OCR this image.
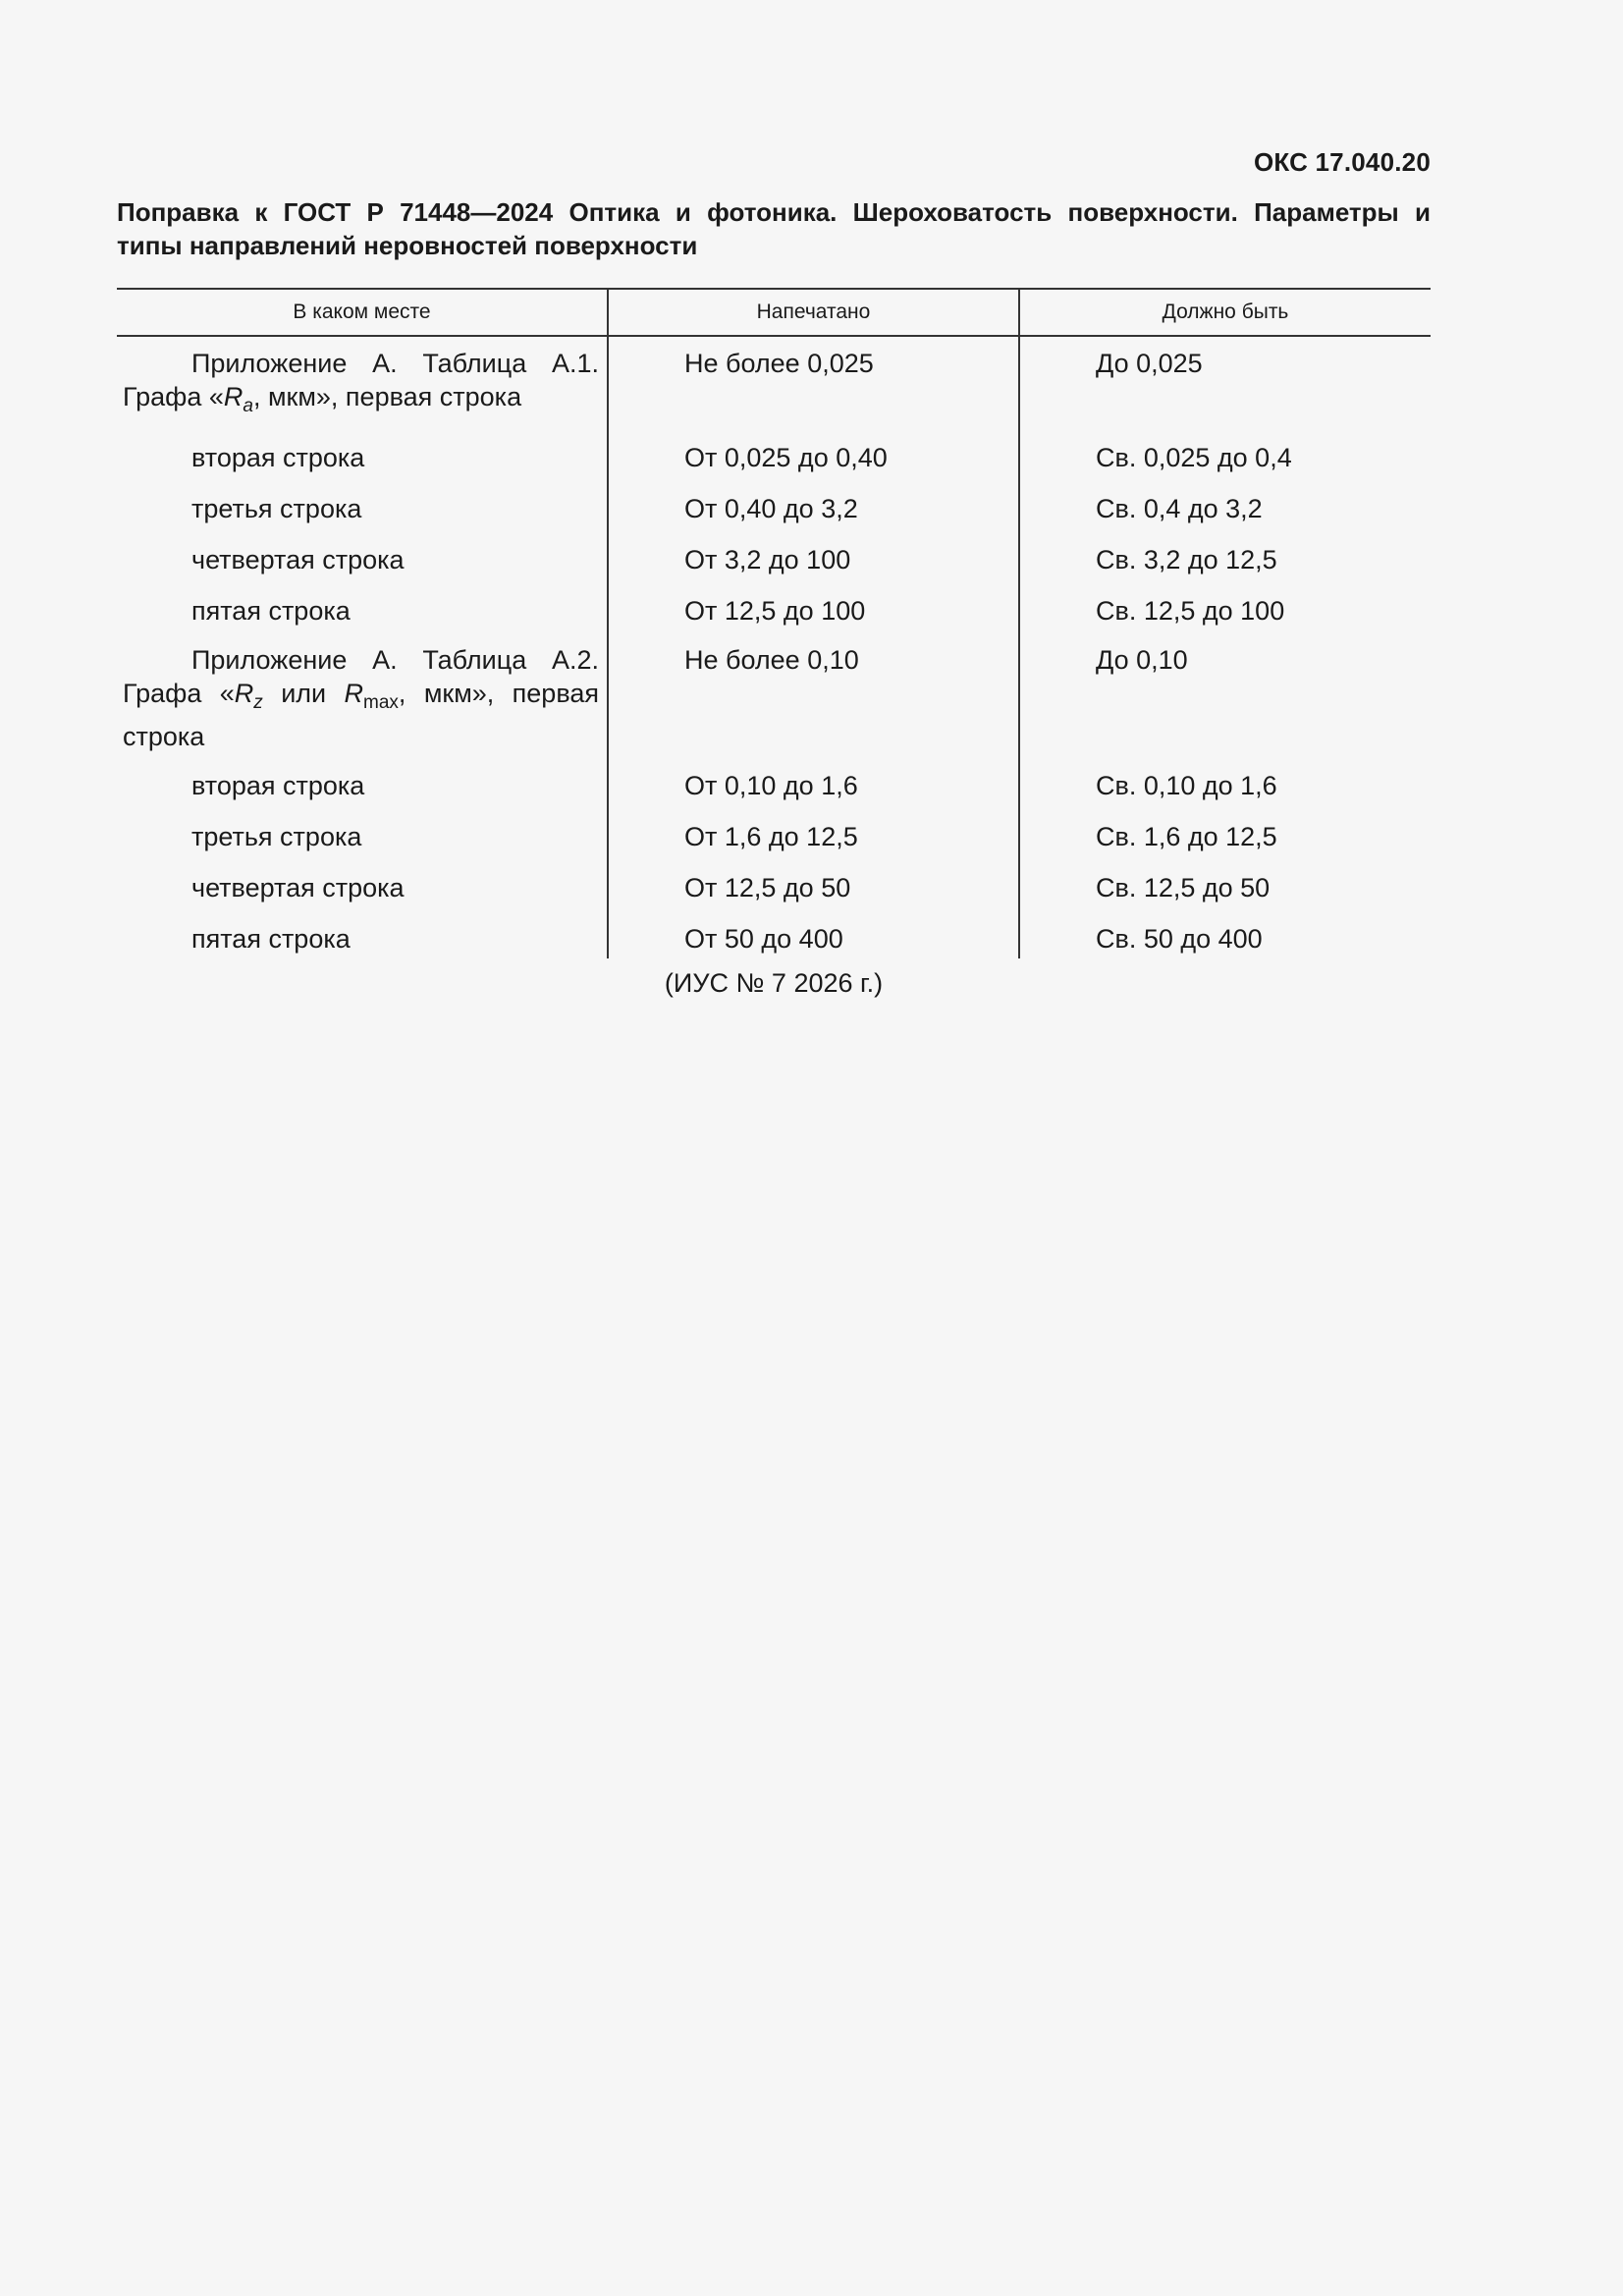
ОКС 17.040.20
Поправка к ГОСТ Р 71448—2024 Оптика и фотоника. Шероховатость поверхности. Параметры и
типы направлений неровностей поверхности
В каком месте	Напечатано	Должно быть
Приложение А. Таблица А.1. Графа «$R_a$, мкм», первая строка	Не более 0,025	До 0,025
вторая строка	От 0,025 до 0,40	Св. 0,025 до 0,4
третья строка	От 0,40 до 3,2	Св. 0,4 до 3,2
четвертая строка	От 3,2 до 100	Св. 3,2 до 12,5
пятая строка	От 12,5 до 100	Св. 12,5 до 100
Приложение А. Таблица А.2. Графа «$R_z$ или $R_{max}$, мкм», первая строка	Не более 0,10	До 0,10
вторая строка	От 0,10 до 1,6	Св. 0,10 до 1,6
третья строка	От 1,6 до 12,5	Св. 1,6 до 12,5
четвертая строка	От 12,5 до 50	Св. 12,5 до 50
пятая строка	От 50 до 400	Св. 50 до 400
(ИУС № 7 2026 г.)
